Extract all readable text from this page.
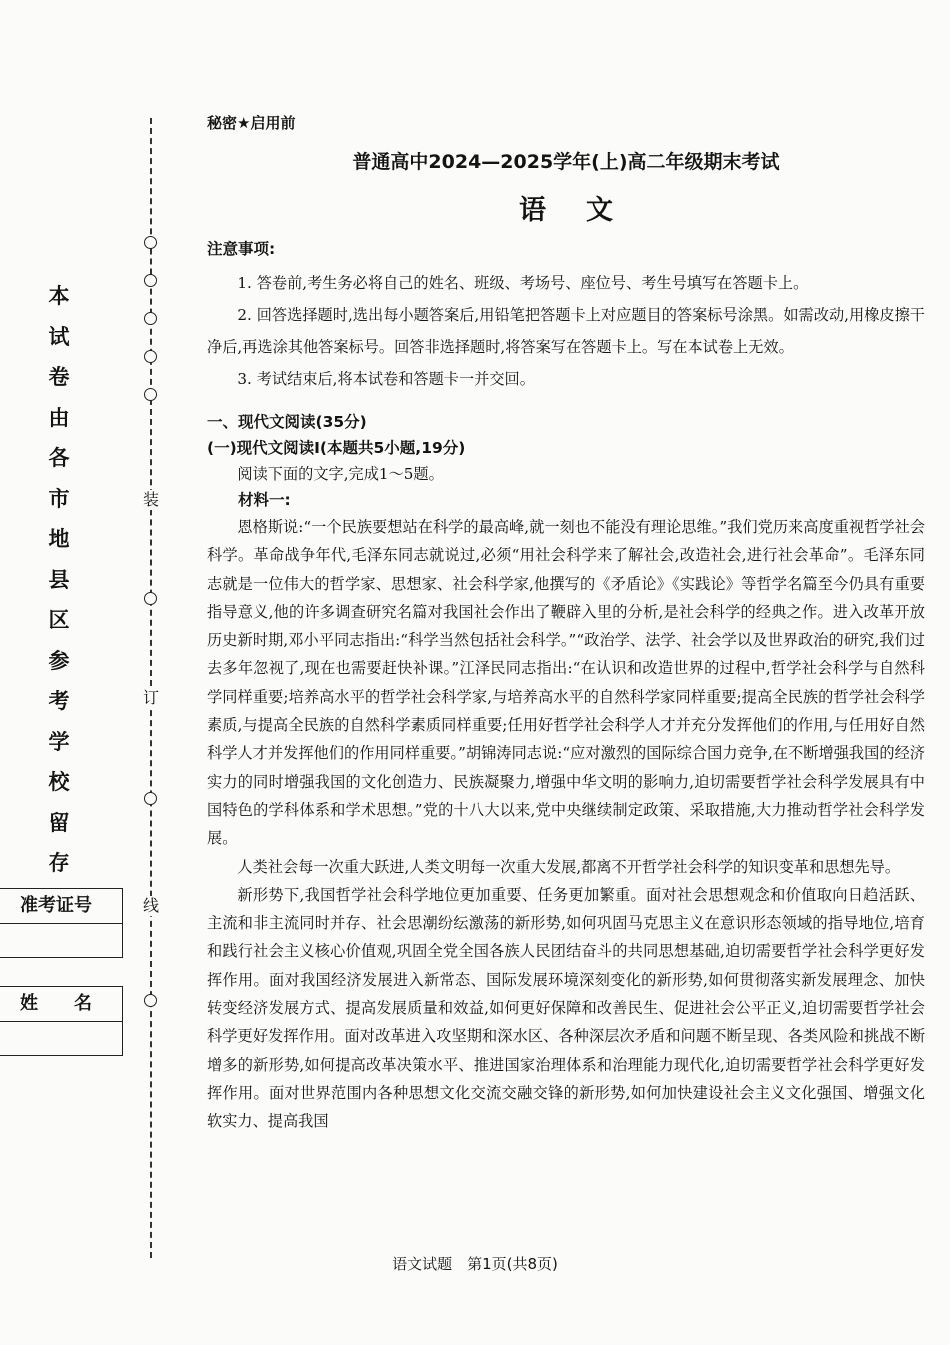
本试卷由各市地县区参考学校留存
装
订
线
准考证号
姓　　名
秘密★启用前
普通高中2024—2025学年(上)高二年级期末考试
语文
注意事项:

1. 答卷前,考生务必将自己的姓名、班级、考场号、座位号、考生号填写在答题卡上。

2. 回答选择题时,选出每小题答案后,用铅笔把答题卡上对应题目的答案标号涂黑。如需改动,用橡皮擦干净后,再选涂其他答案标号。回答非选择题时,将答案写在答题卡上。写在本试卷上无效。

3. 考试结束后,将本试卷和答题卡一并交回。

一、现代文阅读(35分)
(一)现代文阅读Ⅰ(本题共5小题,19分)
阅读下面的文字,完成1～5题。
材料一:

恩格斯说:“一个民族要想站在科学的最高峰,就一刻也不能没有理论思维。”我们党历来高度重视哲学社会科学。革命战争年代,毛泽东同志就说过,必须“用社会科学来了解社会,改造社会,进行社会革命”。毛泽东同志就是一位伟大的哲学家、思想家、社会科学家,他撰写的《矛盾论》《实践论》等哲学名篇至今仍具有重要指导意义,他的许多调查研究名篇对我国社会作出了鞭辟入里的分析,是社会科学的经典之作。进入改革开放历史新时期,邓小平同志指出:“科学当然包括社会科学。”“政治学、法学、社会学以及世界政治的研究,我们过去多年忽视了,现在也需要赶快补课。”江泽民同志指出:“在认识和改造世界的过程中,哲学社会科学与自然科学同样重要;培养高水平的哲学社会科学家,与培养高水平的自然科学家同样重要;提高全民族的哲学社会科学素质,与提高全民族的自然科学素质同样重要;任用好哲学社会科学人才并充分发挥他们的作用,与任用好自然科学人才并发挥他们的作用同样重要。”胡锦涛同志说:“应对激烈的国际综合国力竞争,在不断增强我国的经济实力的同时增强我国的文化创造力、民族凝聚力,增强中华文明的影响力,迫切需要哲学社会科学发展具有中国特色的学科体系和学术思想。”党的十八大以来,党中央继续制定政策、采取措施,大力推动哲学社会科学发展。

人类社会每一次重大跃进,人类文明每一次重大发展,都离不开哲学社会科学的知识变革和思想先导。

新形势下,我国哲学社会科学地位更加重要、任务更加繁重。面对社会思想观念和价值取向日趋活跃、主流和非主流同时并存、社会思潮纷纭激荡的新形势,如何巩固马克思主义在意识形态领域的指导地位,培育和践行社会主义核心价值观,巩固全党全国各族人民团结奋斗的共同思想基础,迫切需要哲学社会科学更好发挥作用。面对我国经济发展进入新常态、国际发展环境深刻变化的新形势,如何贯彻落实新发展理念、加快转变经济发展方式、提高发展质量和效益,如何更好保障和改善民生、促进社会公平正义,迫切需要哲学社会科学更好发挥作用。面对改革进入攻坚期和深水区、各种深层次矛盾和问题不断呈现、各类风险和挑战不断增多的新形势,如何提高改革决策水平、推进国家治理体系和治理能力现代化,迫切需要哲学社会科学更好发挥作用。面对世界范围内各种思想文化交流交融交锋的新形势,如何加快建设社会主义文化强国、增强文化软实力、提高我国

语文试题　第1页(共8页)
